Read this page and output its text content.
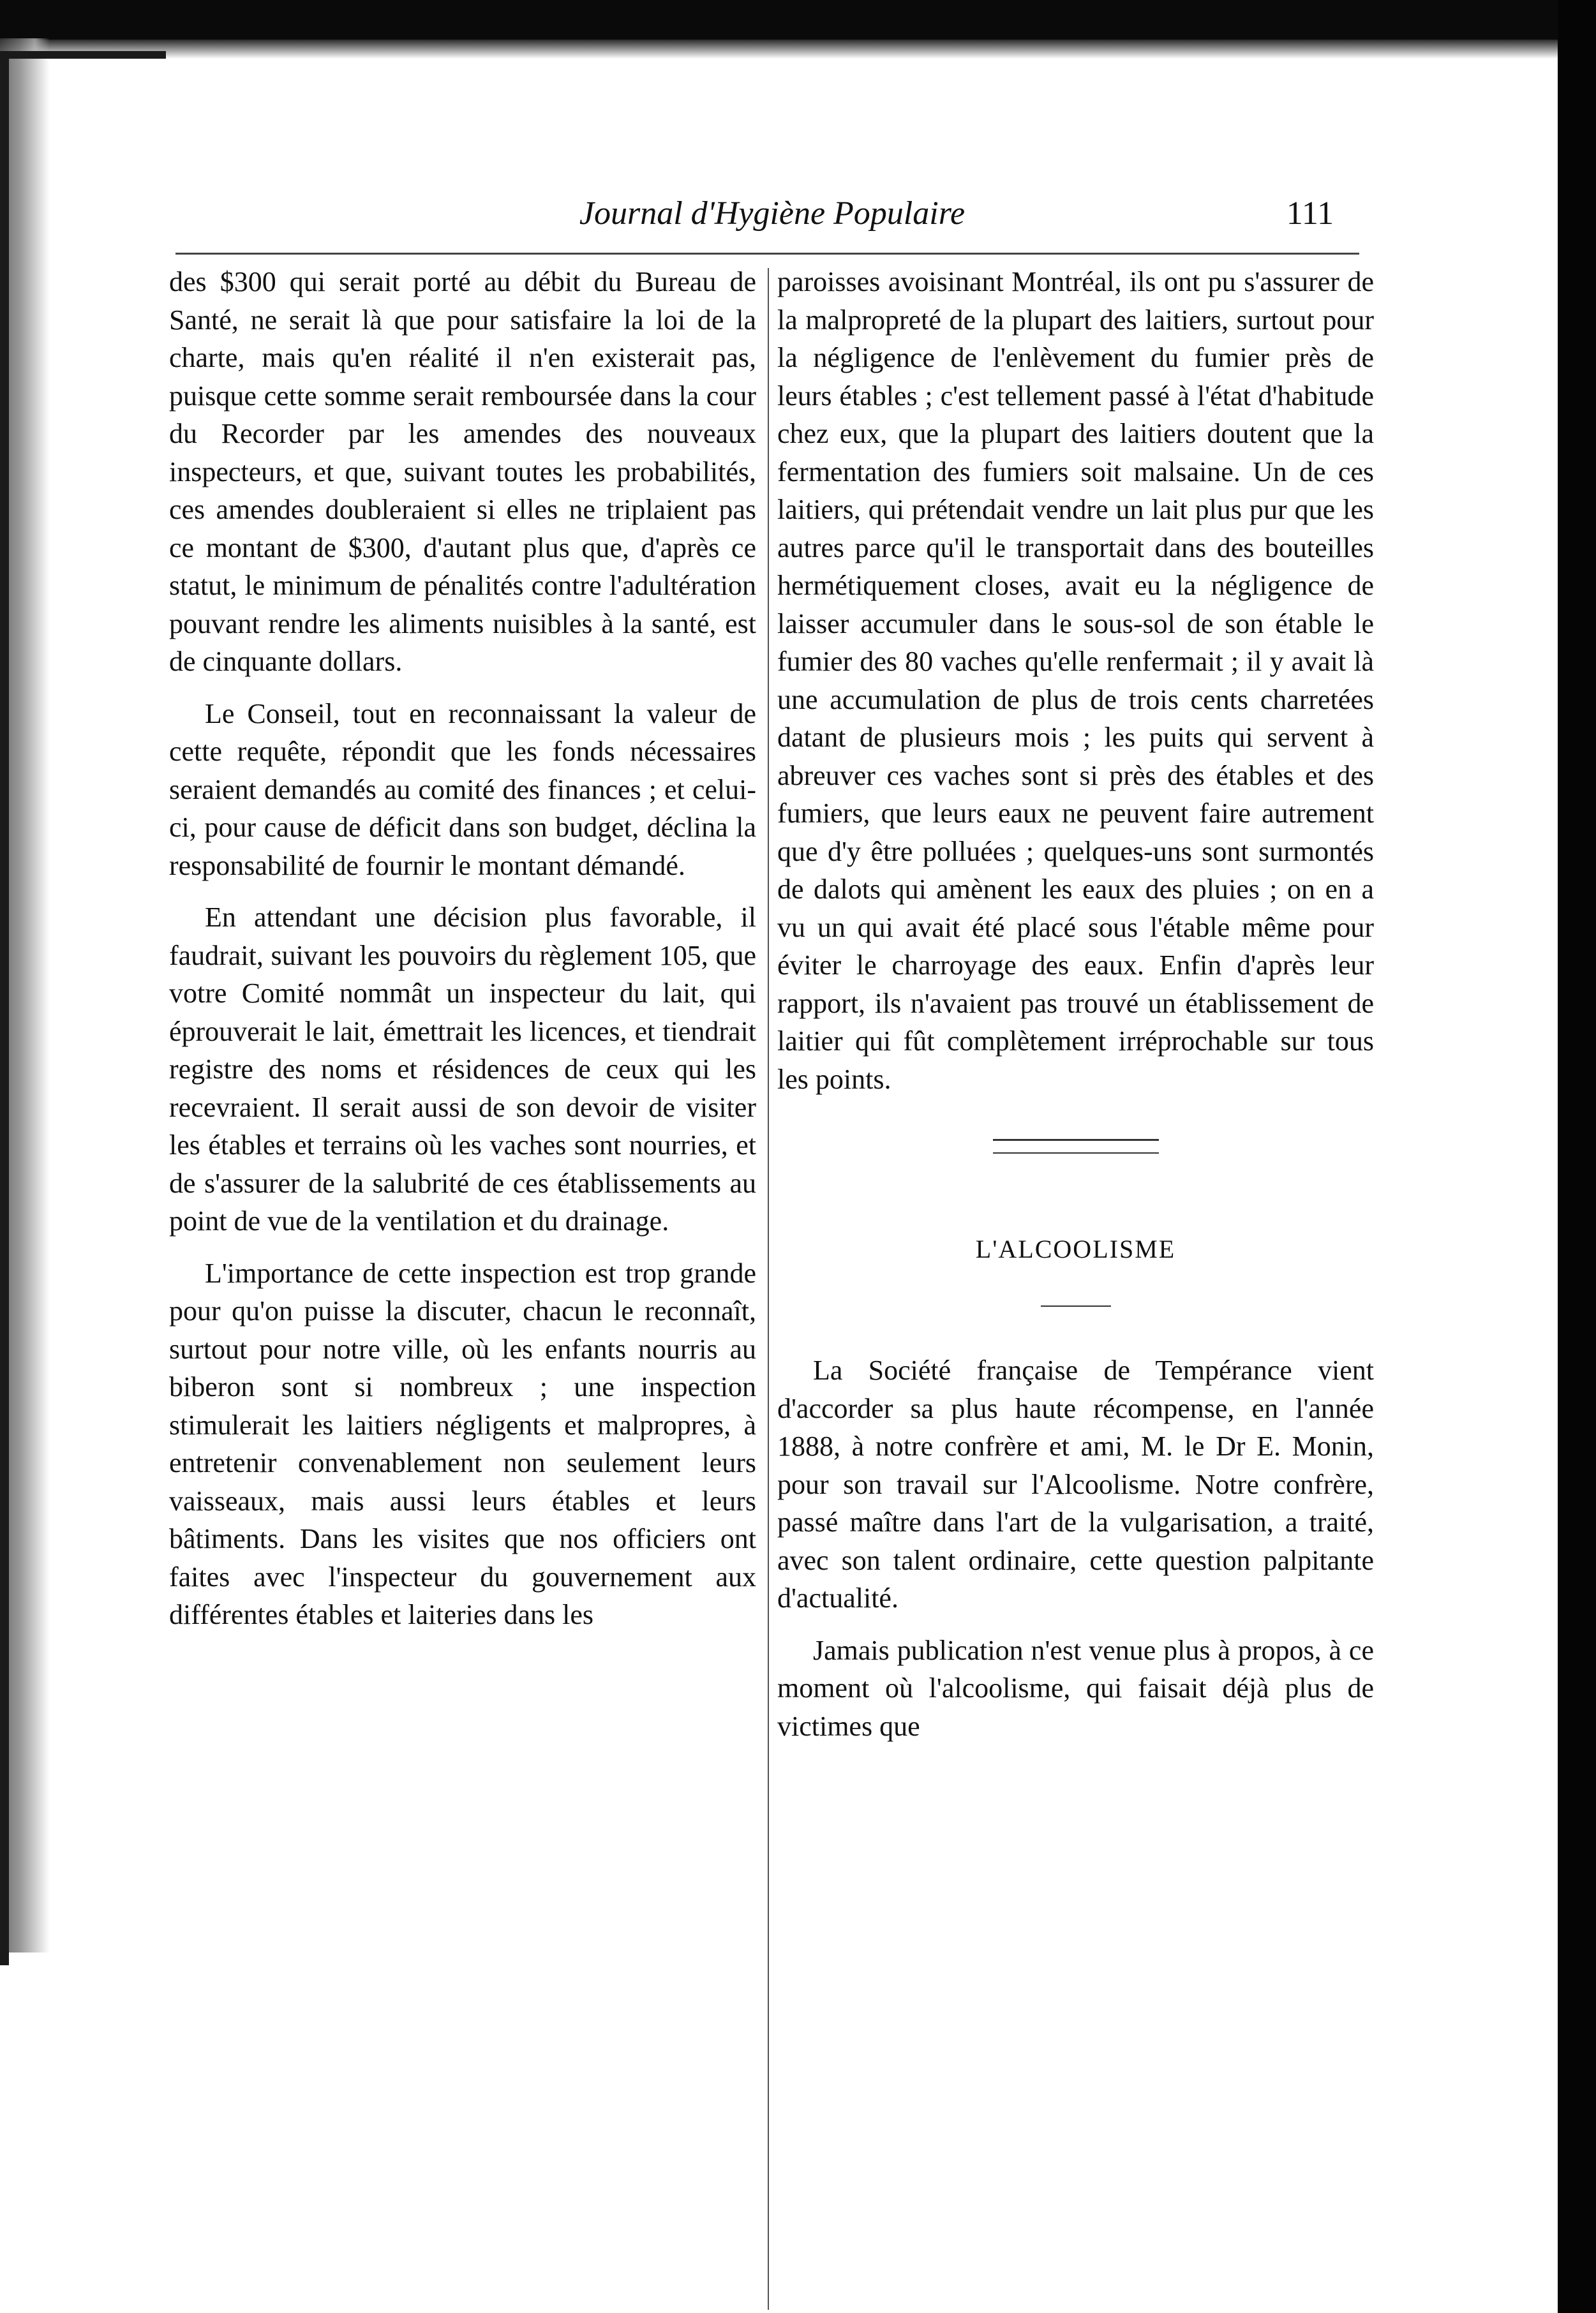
Journal d'Hygiène Populaire	111

des $300 qui serait porté au débit du Bureau de Santé, ne serait là que pour satisfaire la loi de la charte, mais qu'en réalité il n'en existerait pas, puisque cette somme serait remboursée dans la cour du Recorder par les amendes des nouveaux inspecteurs, et que, suivant toutes les probabilités, ces amendes doubleraient si elles ne triplaient pas ce montant de $300, d'autant plus que, d'après ce statut, le minimum de pénalités contre l'adultération pouvant rendre les aliments nuisibles à la santé, est de cinquante dollars.

Le Conseil, tout en reconnaissant la valeur de cette requête, répondit que les fonds nécessaires seraient demandés au comité des finances ; et celui-ci, pour cause de déficit dans son budget, déclina la responsabilité de fournir le montant démandé.

En attendant une décision plus favorable, il faudrait, suivant les pouvoirs du règlement 105, que votre Comité nommât un inspecteur du lait, qui éprouverait le lait, émettrait les licences, et tiendrait registre des noms et résidences de ceux qui les recevraient. Il serait aussi de son devoir de visiter les étables et terrains où les vaches sont nourries, et de s'assurer de la salubrité de ces établissements au point de vue de la ventilation et du drainage.

L'importance de cette inspection est trop grande pour qu'on puisse la discuter, chacun le reconnaît, surtout pour notre ville, où les enfants nourris au biberon sont si nombreux ; une inspection stimulerait les laitiers négligents et malpropres, à entretenir convenablement non seulement leurs vaisseaux, mais aussi leurs étables et leurs bâtiments. Dans les visites que nos officiers ont faites avec l'inspecteur du gouvernement aux différentes étables et laiteries dans les

paroisses avoisinant Montréal, ils ont pu s'assurer de la malpropreté de la plupart des laitiers, surtout pour la négligence de l'enlèvement du fumier près de leurs étables ; c'est tellement passé à l'état d'habitude chez eux, que la plupart des laitiers doutent que la fermentation des fumiers soit malsaine. Un de ces laitiers, qui prétendait vendre un lait plus pur que les autres parce qu'il le transportait dans des bouteilles hermétiquement closes, avait eu la négligence de laisser accumuler dans le sous-sol de son étable le fumier des 80 vaches qu'elle renfermait ; il y avait là une accumulation de plus de trois cents charretées datant de plusieurs mois ; les puits qui servent à abreuver ces vaches sont si près des étables et des fumiers, que leurs eaux ne peuvent faire autrement que d'y être polluées ; quelques-uns sont surmontés de dalots qui amènent les eaux des pluies ; on en a vu un qui avait été placé sous l'étable même pour éviter le charroyage des eaux. Enfin d'après leur rapport, ils n'avaient pas trouvé un établissement de laitier qui fût complètement irréprochable sur tous les points.

L'ALCOOLISME

La Société française de Tempérance vient d'accorder sa plus haute récompense, en l'année 1888, à notre confrère et ami, M. le Dr E. Monin, pour son travail sur l'Alcoolisme. Notre confrère, passé maître dans l'art de la vulgarisation, a traité, avec son talent ordinaire, cette question palpitante d'actualité.

Jamais publication n'est venue plus à propos, à ce moment où l'alcoolisme, qui faisait déjà plus de victimes que
